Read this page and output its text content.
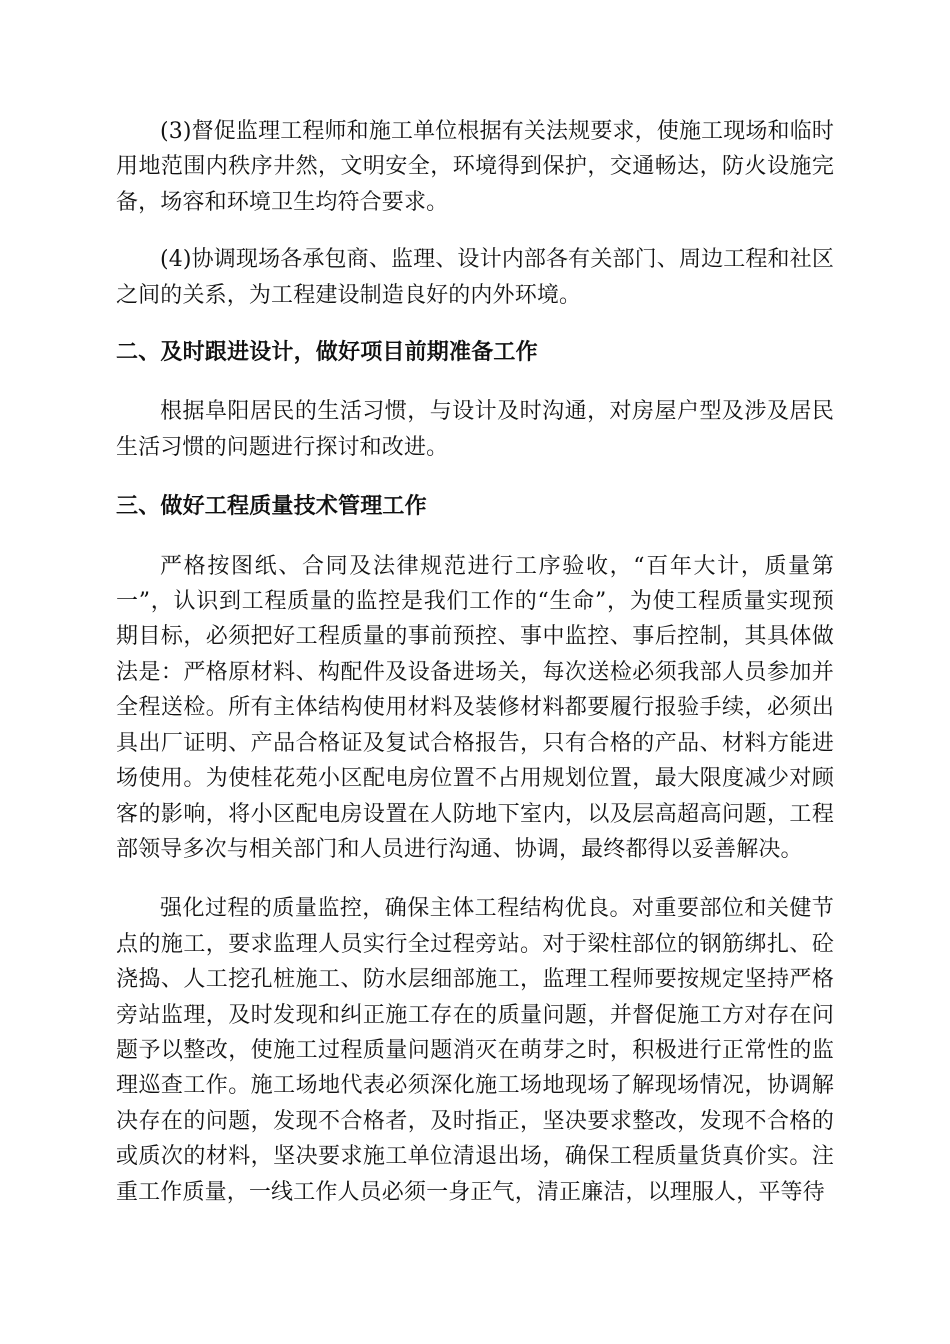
(3)督促监理工程师和施工单位根据有关法规要求，使施工现场和临时用地范围内秩序井然，文明安全，环境得到保护，交通畅达，防火设施完备，场容和环境卫生均符合要求。

(4)协调现场各承包商、监理、设计内部各有关部门、周边工程和社区之间的关系，为工程建设制造良好的内外环境。

二、及时跟进设计，做好项目前期准备工作

根据阜阳居民的生活习惯，与设计及时沟通，对房屋户型及涉及居民生活习惯的问题进行探讨和改进。

三、做好工程质量技术管理工作

严格按图纸、合同及法律规范进行工序验收，“百年大计，质量第一”，认识到工程质量的监控是我们工作的“生命”，为使工程质量实现预期目标，必须把好工程质量的事前预控、事中监控、事后控制，其具体做法是：严格原材料、构配件及设备进场关，每次送检必须我部人员参加并全程送检。所有主体结构使用材料及装修材料都要履行报验手续，必须出具出厂证明、产品合格证及复试合格报告，只有合格的产品、材料方能进场使用。为使桂花苑小区配电房位置不占用规划位置，最大限度减少对顾客的影响，将小区配电房设置在人防地下室内，以及层高超高问题，工程部领导多次与相关部门和人员进行沟通、协调，最终都得以妥善解决。

强化过程的质量监控，确保主体工程结构优良。对重要部位和关健节点的施工，要求监理人员实行全过程旁站。对于梁柱部位的钢筋绑扎、砼浇捣、人工挖孔桩施工、防水层细部施工，监理工程师要按规定坚持严格旁站监理，及时发现和纠正施工存在的质量问题，并督促施工方对存在问题予以整改，使施工过程质量问题消灭在萌芽之时，积极进行正常性的监理巡查工作。施工场地代表必须深化施工场地现场了解现场情况，协调解决存在的问题，发现不合格者，及时指正，坚决要求整改，发现不合格的或质次的材料，坚决要求施工单位清退出场，确保工程质量货真价实。注重工作质量，一线工作人员必须一身正气，清正廉洁，以理服人，平等待
